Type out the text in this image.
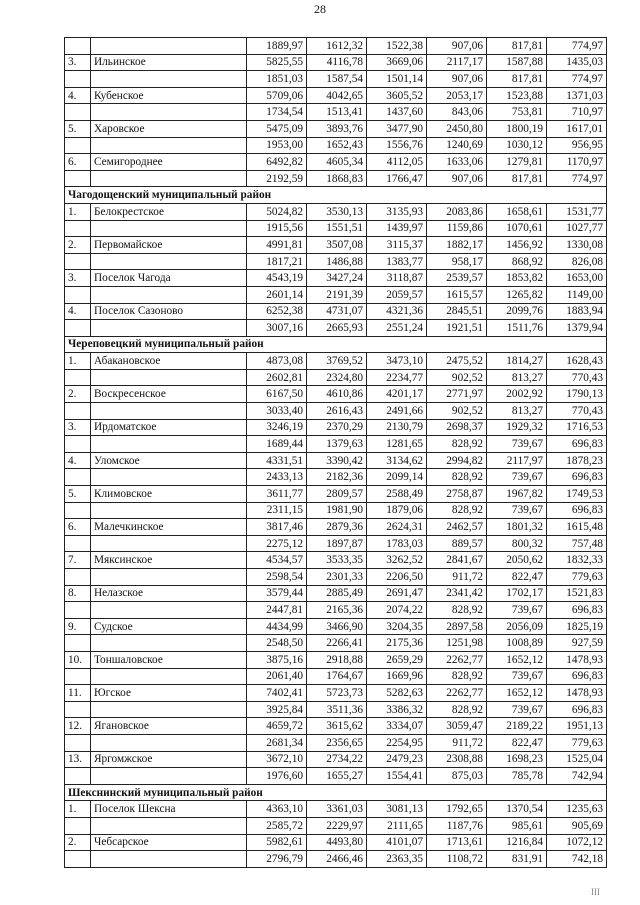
28
III
		1889,97	1612,32	1522,38	907,06	817,81	774,97
3.	Ильинское	5825,55	4116,78	3669,06	2117,17	1587,88	1435,03
		1851,03	1587,54	1501,14	907,06	817,81	774,97
4.	Кубенское	5709,06	4042,65	3605,52	2053,17	1523,88	1371,03
		1734,54	1513,41	1437,60	843,06	753,81	710,97
5.	Харовское	5475,09	3893,76	3477,90	2450,80	1800,19	1617,01
		1953,00	1652,43	1556,76	1240,69	1030,12	956,95
6.	Семигороднее	6492,82	4605,34	4112,05	1633,06	1279,81	1170,97
		2192,59	1868,83	1766,47	907,06	817,81	774,97
Чагодощенский муниципальный район							
1.	Белокрестское	5024,82	3530,13	3135,93	2083,86	1658,61	1531,77
		1915,56	1551,51	1439,97	1159,86	1070,61	1027,77
2.	Первомайское	4991,81	3507,08	3115,37	1882,17	1456,92	1330,08
		1817,21	1486,88	1383,77	958,17	868,92	826,08
3.	Поселок Чагода	4543,19	3427,24	3118,87	2539,57	1853,82	1653,00
		2601,14	2191,39	2059,57	1615,57	1265,82	1149,00
4.	Поселок Сазоново	6252,38	4731,07	4321,36	2845,51	2099,76	1883,94
		3007,16	2665,93	2551,24	1921,51	1511,76	1379,94
Череповецкий муниципальный район							
1.	Абакановское	4873,08	3769,52	3473,10	2475,52	1814,27	1628,43
		2602,81	2324,80	2234,77	902,52	813,27	770,43
2.	Воскресенское	6167,50	4610,86	4201,17	2771,97	2002,92	1790,13
		3033,40	2616,43	2491,66	902,52	813,27	770,43
3.	Ирдоматское	3246,19	2370,29	2130,79	2698,37	1929,32	1716,53
		1689,44	1379,63	1281,65	828,92	739,67	696,83
4.	Уломское	4331,51	3390,42	3134,62	2994,82	2117,97	1878,23
		2433,13	2182,36	2099,14	828,92	739,67	696,83
5.	Климовское	3611,77	2809,57	2588,49	2758,87	1967,82	1749,53
		2311,15	1981,90	1879,06	828,92	739,67	696,83
6.	Малечкинское	3817,46	2879,36	2624,31	2462,57	1801,32	1615,48
		2275,12	1897,87	1783,03	889,57	800,32	757,48
7.	Мяксинское	4534,57	3533,35	3262,52	2841,67	2050,62	1832,33
		2598,54	2301,33	2206,50	911,72	822,47	779,63
8.	Нелазское	3579,44	2885,49	2691,47	2341,42	1702,17	1521,83
		2447,81	2165,36	2074,22	828,92	739,67	696,83
9.	Судское	4434,99	3466,90	3204,35	2897,58	2056,09	1825,19
		2548,50	2266,41	2175,36	1251,98	1008,89	927,59
10.	Тоншаловское	3875,16	2918,88	2659,29	2262,77	1652,12	1478,93
		2061,40	1764,67	1669,96	828,92	739,67	696,83
11.	Югское	7402,41	5723,73	5282,63	2262,77	1652,12	1478,93
		3925,84	3511,36	3386,32	828,92	739,67	696,83
12.	Ягановское	4659,72	3615,62	3334,07	3059,47	2189,22	1951,13
		2681,34	2356,65	2254,95	911,72	822,47	779,63
13.	Яргомжское	3672,10	2734,22	2479,23	2308,88	1698,23	1525,04
		1976,60	1655,27	1554,41	875,03	785,78	742,94
Шекснинский муниципальный район							
1.	Поселок Шексна	4363,10	3361,03	3081,13	1792,65	1370,54	1235,63
		2585,72	2229,97	2111,65	1187,76	985,61	905,69
2.	Чебсарское	5982,61	4493,80	4101,07	1713,61	1216,84	1072,12
		2796,79	2466,46	2363,35	1108,72	831,91	742,18
